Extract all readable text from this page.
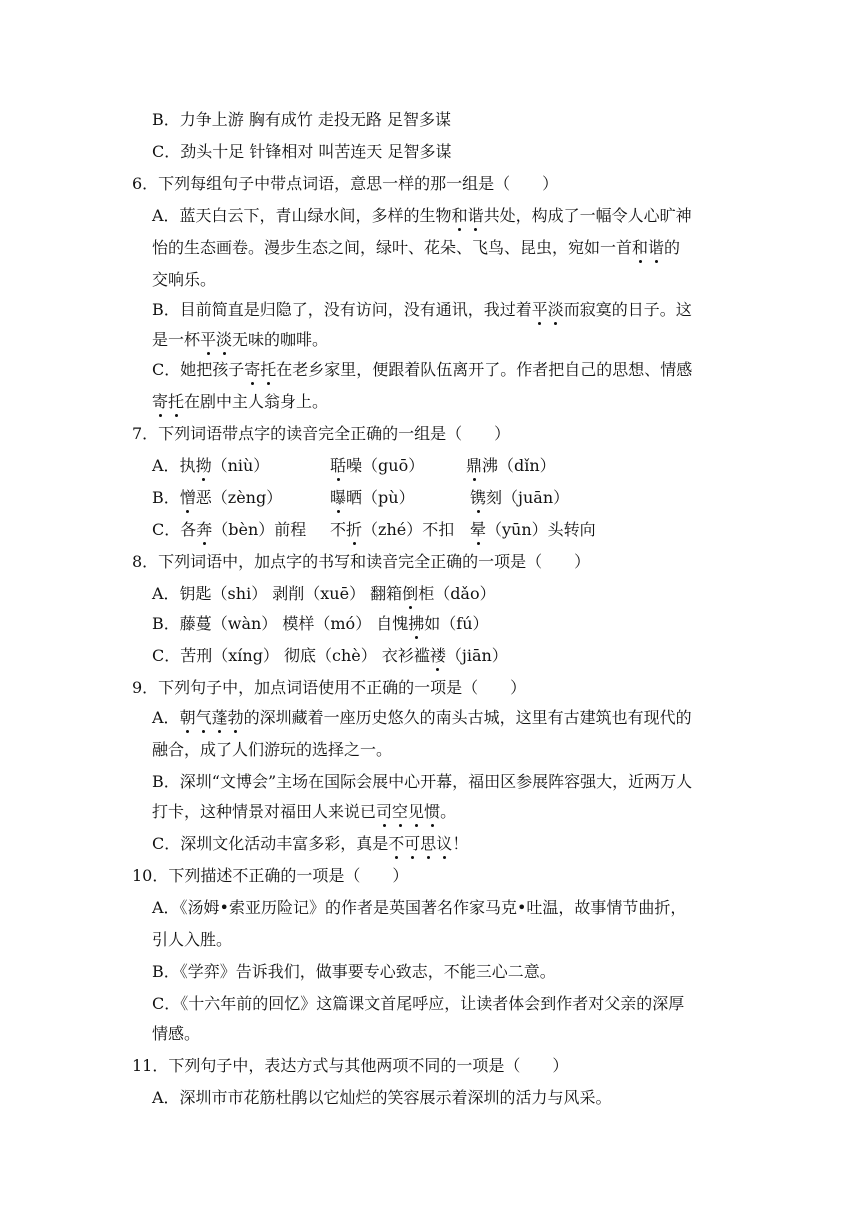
B．力争上游 胸有成竹 走投无路 足智多谋
C．劲头十足 针锋相对 叫苦连天 足智多谋
6．下列每组句子中带点词语，意思一样的那一组是（　　）
A．蓝天白云下，青山绿水间，多样的生物和谐共处，构成了一幅令人心旷神
怡的生态画卷。漫步生态之间，绿叶、花朵、飞鸟、昆虫，宛如一首和谐的
交响乐。
B．目前简直是归隐了，没有访问，没有通讯，我过着平淡而寂寞的日子。这
是一杯平淡无味的咖啡。
C．她把孩子寄托在老乡家里，便跟着队伍离开了。作者把自己的思想、情感
寄托在剧中主人翁身上。
7．下列词语带点字的读音完全正确的一组是（　　）
A．执拗（niù）	聒噪（guō）	鼎沸（dǐn）
B．憎恶（zèng）	曝晒（pù）	镌刻（juān）
C．各奔（bèn）前程 不折（zhé）不扣 晕（yūn）头转向
8．下列词语中，加点字的书写和读音完全正确的一项是（　　）
A．钥匙（shi） 剥削（xuē） 翻箱倒柜（dǎo）
B．藤蔓（wàn） 模样（mó） 自愧拂如（fú）
C．苦刑（xíng） 彻底（chè） 衣衫褴褛（jiān）
9．下列句子中，加点词语使用不正确的一项是（　　）
A．朝气蓬勃的深圳藏着一座历史悠久的南头古城，这里有古建筑也有现代的
融合，成了人们游玩的选择之一。
B．深圳“文博会”主场在国际会展中心开幕，福田区参展阵容强大，近两万人
打卡，这种情景对福田人来说已司空见惯。
C．深圳文化活动丰富多彩，真是不可思议！
10．下列描述不正确的一项是（　　）
A．《汤姆•索亚历险记》的作者是英国著名作家马克•吐温，故事情节曲折，
引人入胜。
B．《学弈》告诉我们，做事要专心致志，不能三心二意。
C．《十六年前的回忆》这篇课文首尾呼应，让读者体会到作者对父亲的深厚
情感。
11．下列句子中，表达方式与其他两项不同的一项是（　　）
A．深圳市市花筋杜鹃以它灿烂的笑容展示着深圳的活力与风采。
